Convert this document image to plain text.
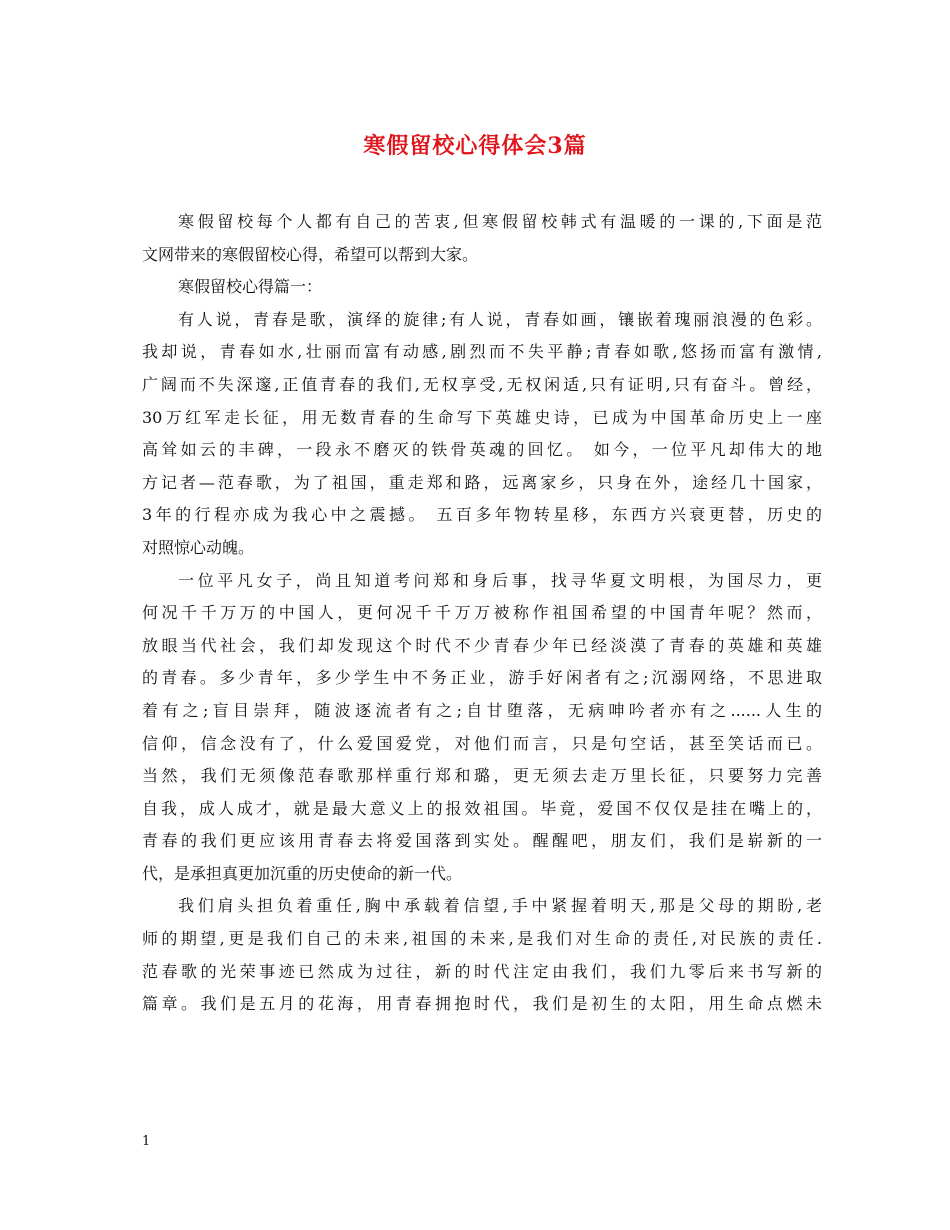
寒假留校心得体会3篇
寒假留校每个人都有自己的苦衷,但寒假留校韩式有温暖的一课的,下面是范
文网带来的寒假留校心得，希望可以帮到大家。
寒假留校心得篇一：
有人说，青春是歌，演绎的旋律;有人说，青春如画，镶嵌着瑰丽浪漫的色彩。
我却说，青春如水,壮丽而富有动感,剧烈而不失平静;青春如歌,悠扬而富有激情,
广阔而不失深邃,正值青春的我们,无权享受,无权闲适,只有证明,只有奋斗。曾经，
30万红军走长征，用无数青春的生命写下英雄史诗，已成为中国革命历史上一座
高耸如云的丰碑，一段永不磨灭的铁骨英魂的回忆。 如今，一位平凡却伟大的地
方记者—范春歌，为了祖国，重走郑和路，远离家乡，只身在外，途经几十国家，
3年的行程亦成为我心中之震撼。 五百多年物转星移，东西方兴衰更替，历史的
对照惊心动魄。
一位平凡女子，尚且知道考问郑和身后事，找寻华夏文明根，为国尽力，更
何况千千万万的中国人，更何况千千万万被称作祖国希望的中国青年呢？然而，
放眼当代社会，我们却发现这个时代不少青春少年已经淡漠了青春的英雄和英雄
的青春。多少青年，多少学生中不务正业，游手好闲者有之;沉溺网络，不思进取
着有之;盲目崇拜，随波逐流者有之;自甘堕落，无病呻吟者亦有之......人生的
信仰，信念没有了，什么爱国爱党，对他们而言，只是句空话，甚至笑话而已。
当然，我们无须像范春歌那样重行郑和璐，更无须去走万里长征，只要努力完善
自我，成人成才，就是最大意义上的报效祖国。毕竟，爱国不仅仅是挂在嘴上的，
青春的我们更应该用青春去将爱国落到实处。醒醒吧，朋友们，我们是崭新的一
代，是承担真更加沉重的历史使命的新一代。
我们肩头担负着重任,胸中承载着信望,手中紧握着明天,那是父母的期盼,老
师的期望,更是我们自己的未来,祖国的未来,是我们对生命的责任,对民族的责任.
范春歌的光荣事迹已然成为过往，新的时代注定由我们，我们九零后来书写新的
篇章。我们是五月的花海，用青春拥抱时代，我们是初生的太阳，用生命点燃未
1
